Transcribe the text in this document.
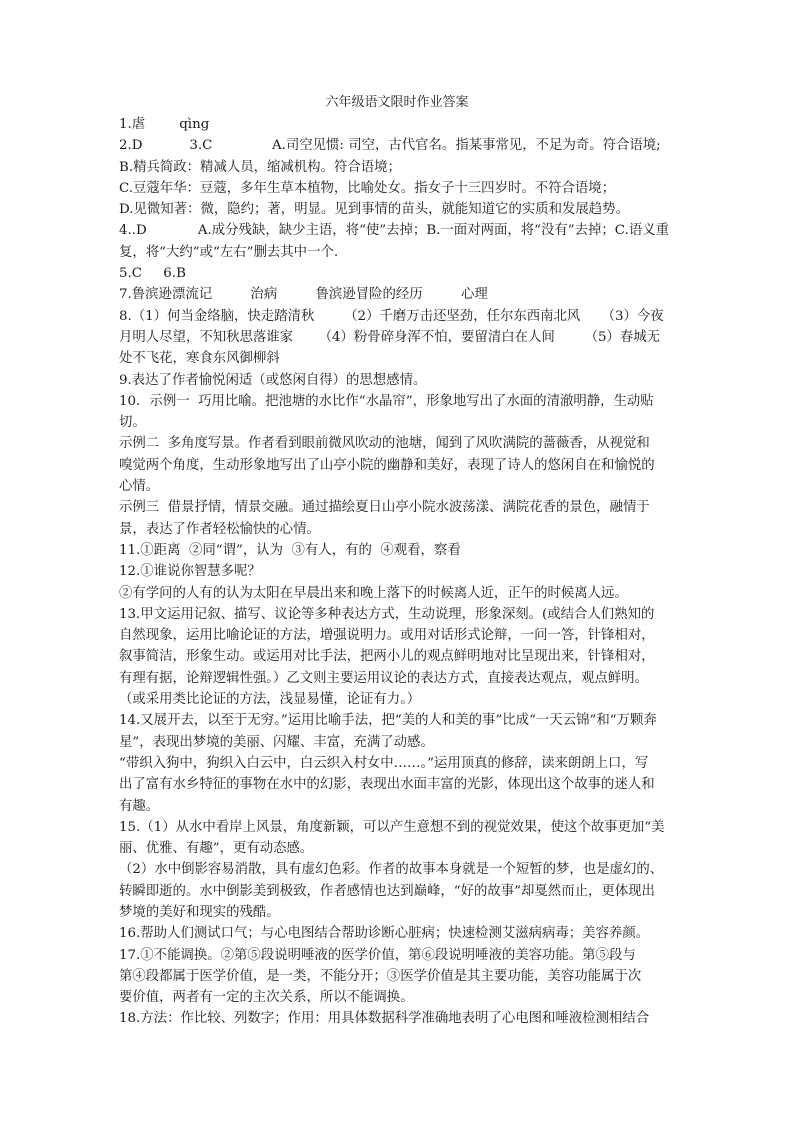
六年级语文限时作业答案
1.虐        qìng
2.D           3.C              A.司空见惯: 司空，古代官名。指某事常见，不足为奇。符合语境;
B.精兵简政：精减人员，缩减机构。符合语境；
C.豆蔻年华：豆蔻，多年生草本植物，比喻处女。指女子十三四岁时。不符合语境；
D.见微知著：微，隐约；著，明显。见到事情的苗头，就能知道它的实质和发展趋势。
4..D            A.成分残缺，缺少主语，将“使”去掉；B.一面对两面，将“没有”去掉；C.语义重
复，将“大约”或“左右”删去其中一个.
5.C     6.B
7.鲁滨逊漂流记         治病         鲁滨逊冒险的经历         心理
8.（1）何当金络脑，快走踏清秋       （2）千磨万击还坚劲，任尔东西南北风     （3）今夜
月明人尽望，不知秋思落谁家      （4）粉骨碎身浑不怕，要留清白在人间       （5）春城无
处不飞花，寒食东风御柳斜
9.表达了作者愉悦闲适（或悠闲自得）的思想感情。
10．示例一  巧用比喻。把池塘的水比作“水晶帘”，形象地写出了水面的清澈明静，生动贴
切。
示例二  多角度写景。作者看到眼前微风吹动的池塘，闻到了风吹满院的蔷薇香，从视觉和
嗅觉两个角度，生动形象地写出了山亭小院的幽静和美好，表现了诗人的悠闲自在和愉悦的
心情。
示例三  借景抒情，情景交融。通过描绘夏日山亭小院水波荡漾、满院花香的景色，融情于
景，表达了作者轻松愉快的心情。
11.①距离  ②同“谓”，认为  ③有人，有的  ④观看，察看
12.①谁说你智慧多呢？
②有学问的人有的认为太阳在早晨出来和晚上落下的时候离人近，正午的时候离人远。
13.甲文运用记叙、描写、议论等多种表达方式，生动说理，形象深刻。(或结合人们熟知的
自然现象，运用比喻论证的方法，增强说明力。或用对话形式论辩，一问一答，针锋相对，
叙事简洁，形象生动。或运用对比手法，把两小儿的观点鲜明地对比呈现出来，针锋相对，
有理有据，论辩逻辑性强。）乙文则主要运用议论的表达方式，直接表达观点，观点鲜明。
（或采用类比论证的方法，浅显易懂，论证有力。）
14.又展开去，以至于无穷。”运用比喻手法，把“美的人和美的事”比成“一天云锦”和“万颗奔
星”，表现出梦境的美丽、闪耀、丰富，充满了动感。
“带织入狗中，狗织入白云中，白云织入村女中……。”运用顶真的修辞，读来朗朗上口，写
出了富有水乡特征的事物在水中的幻影，表现出水面丰富的光影，体现出这个故事的迷人和
有趣。
15.（1）从水中看岸上风景，角度新颖，可以产生意想不到的视觉效果，使这个故事更加“美
丽、优雅、有趣”，更有动态感。
（2）水中倒影容易消散，具有虚幻色彩。作者的故事本身就是一个短暂的梦，也是虚幻的、
转瞬即逝的。水中倒影美到极致，作者感情也达到巅峰，“好的故事”却戛然而止，更体现出
梦境的美好和现实的残酷。
16.帮助人们测试口气；与心电图结合帮助诊断心脏病；快速检测艾滋病病毒；美容养颜。
17.①不能调换。②第⑤段说明唾液的医学价值，第⑥段说明唾液的美容功能。第⑤段与
第④段都属于医学价值，是一类，不能分开；③医学价值是其主要功能，美容功能属于次
要价值，两者有一定的主次关系，所以不能调换。
18.方法：作比较、列数字；作用：用具体数据科学准确地表明了心电图和唾液检测相结合
